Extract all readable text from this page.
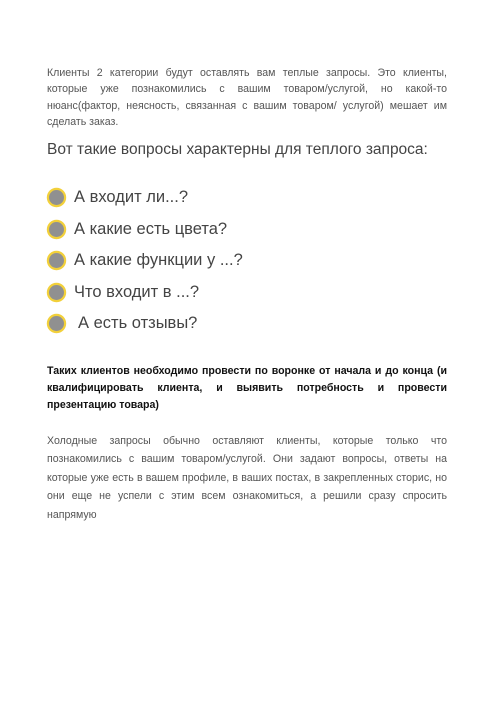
Клиенты 2 категории будут оставлять вам теплые запросы. Это клиенты, которые уже познакомились с вашим товаром/услугой, но какой-то нюанс(фактор, неясность, связанная с вашим товаром/ услугой) мешает им сделать заказ.

Вот такие вопросы характерны для теплого запроса:
А входит ли...?
А какие есть цвета?
А какие функции у ...?
Что входит в ...?
А есть отзывы?

Таких клиентов необходимо провести по воронке от начала и до конца (и квалифицировать клиента, и выявить потребность и провести презентацию товара)

Холодные запросы обычно оставляют клиенты, которые только что познакомились с вашим товаром/услугой. Они задают вопросы, ответы на которые уже есть в вашем профиле, в ваших постах, в закрепленных сторис, но они еще не успели с этим всем ознакомиться, а решили сразу спросить напрямую
